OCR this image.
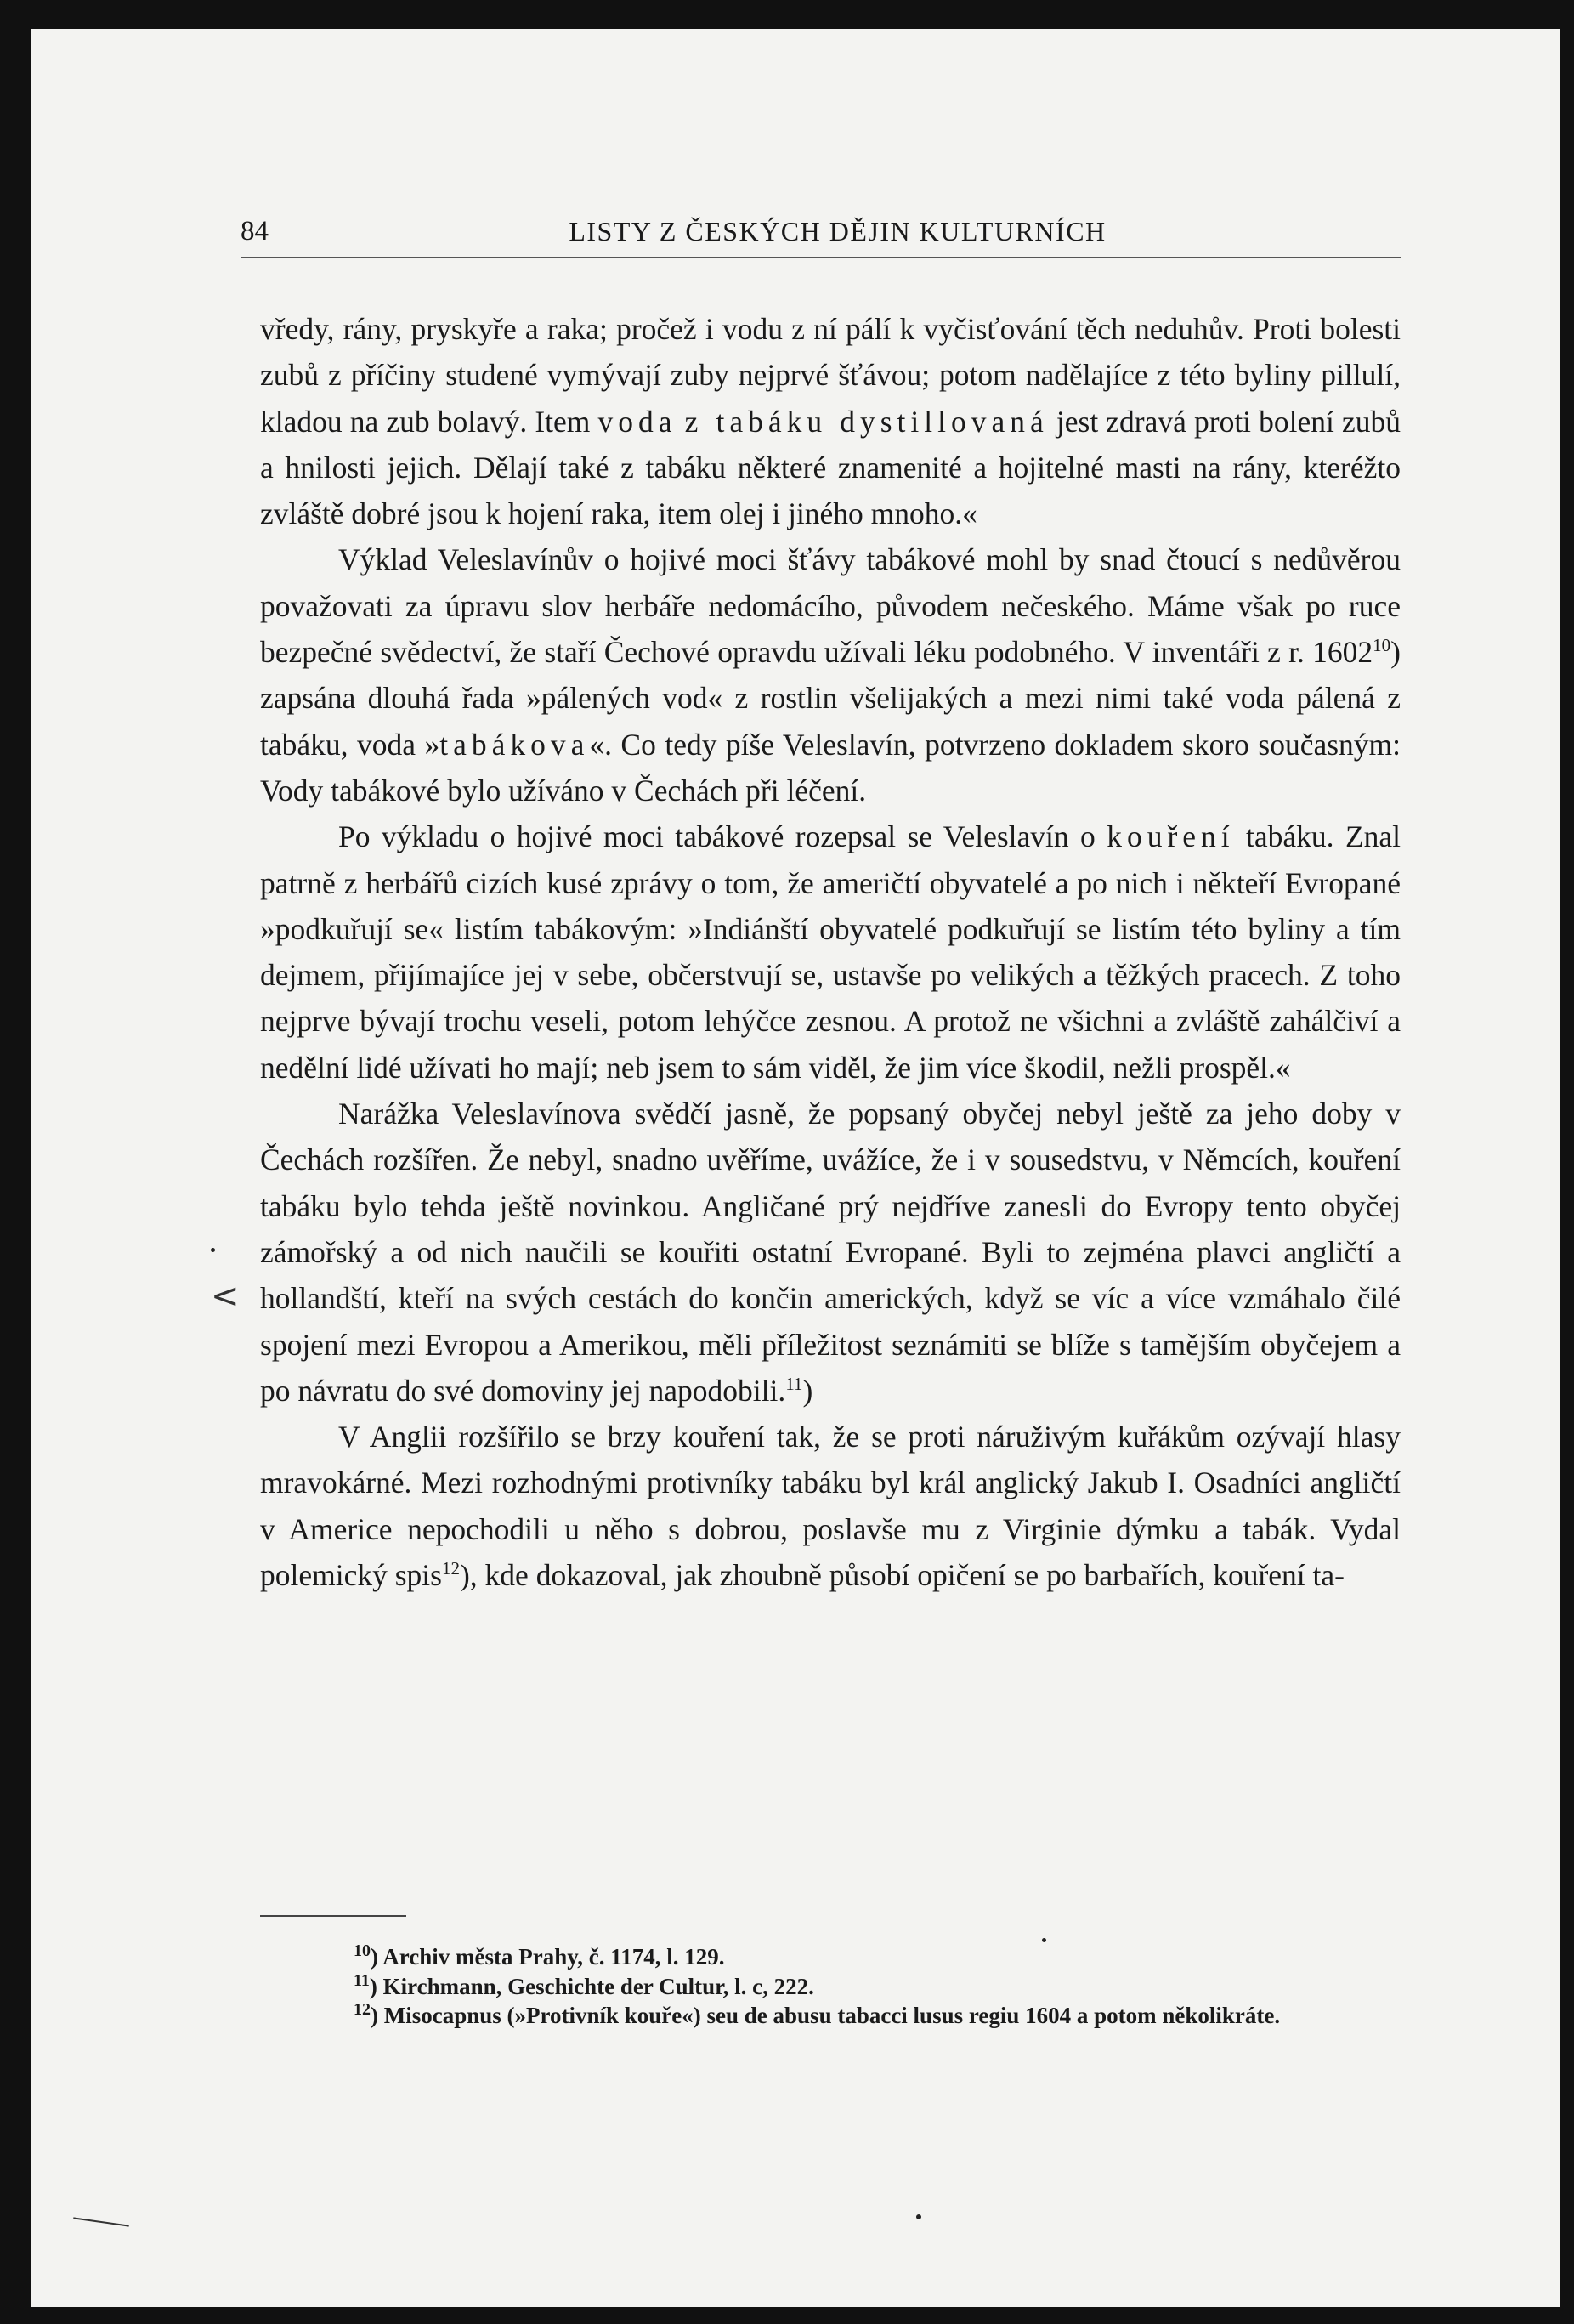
84	LISTY Z ČESKÝCH DĚJIN KULTURNÍCH

vředy, rány, pryskyře a raka; pročež i vodu z ní pálí k vyčisťování těch neduhův. Proti bolesti zubů z příčiny studené vymývají zuby nejprvé šťávou; potom nadělajíce z této byliny pillulí, kladou na zub bolavý. Item voda z tabáku dystillovaná jest zdravá proti bolení zubů a hnilosti jejich. Dělají také z tabáku některé znamenité a hojitelné masti na rány, kteréžto zvláště dobré jsou k hojení raka, item olej i jiného mnoho.«

Výklad Veleslavínův o hojivé moci šťávy tabákové mohl by snad čtoucí s nedůvěrou považovati za úpravu slov herbáře nedomácího, původem nečeského. Máme však po ruce bezpečné svědectví, že staří Čechové opravdu užívali léku podobného. V inventáři z r. 1602$^{10}$) zapsána dlouhá řada »pálených vod« z rostlin všelijakých a mezi nimi také voda pálená z tabáku, voda »tabákova«. Co tedy píše Veleslavín, potvrzeno dokladem skoro současným: Vody tabákové bylo užíváno v Čechách při léčení.

Po výkladu o hojivé moci tabákové rozepsal se Veleslavín o kouření tabáku. Znal patrně z herbářů cizích kusé zprávy o tom, že američtí obyvatelé a po nich i někteří Evropané »podkuřují se« listím tabákovým: »Indiánští obyvatelé podkuřují se listím této byliny a tím dejmem, přijímajíce jej v sebe, občerstvují se, ustavše po velikých a těžkých pracech. Z toho nejprve bývají trochu veseli, potom lehýčce zesnou. A protož ne všichni a zvláště zahálčiví a nedělní lidé užívati ho mají; neb jsem to sám viděl, že jim více škodil, nežli prospěl.«

Narážka Veleslavínova svědčí jasně, že popsaný obyčej nebyl ještě za jeho doby v Čechách rozšířen. Že nebyl, snadno uvěříme, uvážíce, že i v sousedstvu, v Němcích, kouření tabáku bylo tehda ještě novinkou. Angličané prý nejdříve zanesli do Evropy tento obyčej zámořský a od nich naučili se kouřiti ostatní Evropané. Byli to zejména plavci angličtí a hollandští, kteří na svých cestách do končin amerických, když se víc a více vzmáhalo čilé spojení mezi Evropou a Amerikou, měli příležitost seznámiti se blíže s tamějším obyčejem a po návratu do své domoviny jej napodobili.$^{11}$)

V Anglii rozšířilo se brzy kouření tak, že se proti náruživým kuřákům ozývají hlasy mravokárné. Mezi rozhodnými protivníky tabáku byl král anglický Jakub I. Osadníci angličtí v Americe nepochodili u něho s dobrou, poslavše mu z Virginie dýmku a tabák. Vydal polemický spis$^{12}$), kde dokazoval, jak zhoubně působí opičení se po barbařích, kouření ta-

$^{10}$) Archiv města Prahy, č. 1174, l. 129.

$^{11}$) Kirchmann, Geschichte der Cultur, l. c, 222.

$^{12}$) Misocapnus (»Protivník kouře«) seu de abusu tabacci lusus regiu 1604 a potom několikráte.

<
